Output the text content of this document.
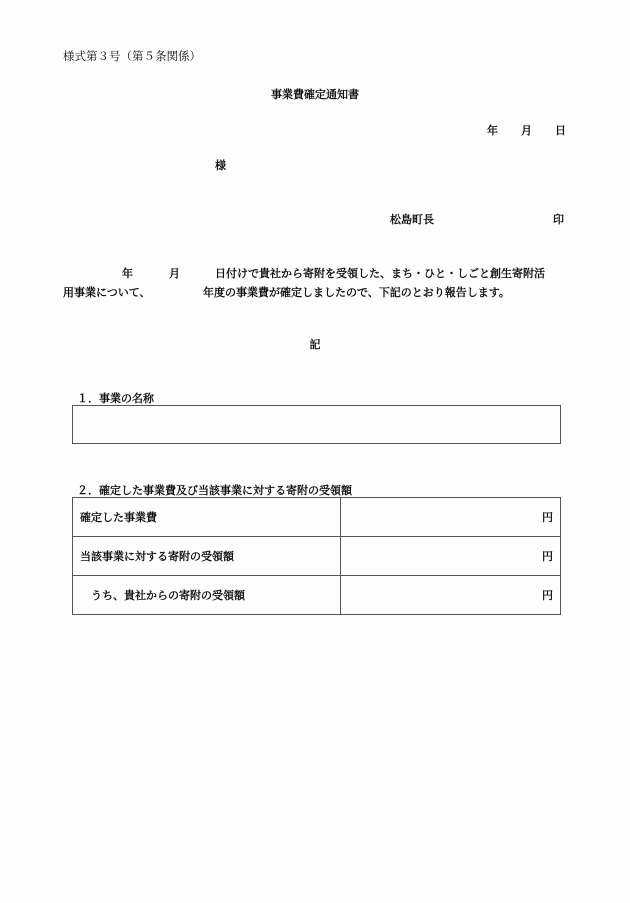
様式第３号（第５条関係）
事業費確定通知書
年 月 日
様
松島町長	印
年	月	日付けで貴社から寄附を受領した、まち・ひと・しごと創生寄附活
用事業について、	年度の事業費が確定しましたので、下記のとおり報告します。
記
１．事業の名称
２．確定した事業費及び当該事業に対する寄附の受領額
確定した事業費	円
当該事業に対する寄附の受領額	円
　うち、貴社からの寄附の受領額	円
